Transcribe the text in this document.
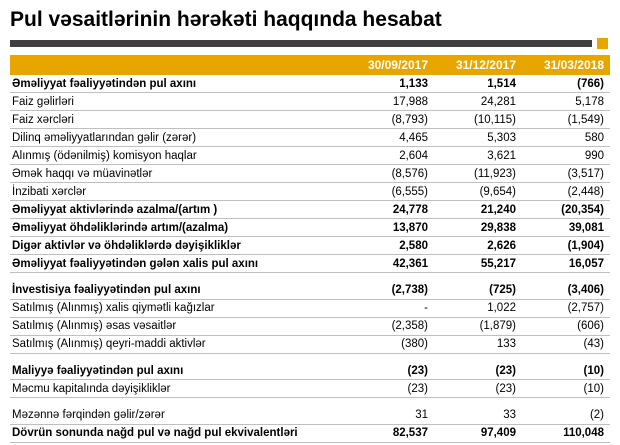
Pul vəsaitlərinin hərəkəti haqqında hesabat
	30/09/2017	31/12/2017	31/03/2018
Əməliyyat fəaliyyətindən pul axını	1,133	1,514	(766)
Faiz gəlirləri	17,988	24,281	5,178
Faiz xərcləri	(8,793)	(10,115)	(1,549)
Dilinq əməliyyatlarından gəlir (zərər)	4,465	5,303	580
Alınmış (ödənilmiş) komisyon haqlar	2,604	3,621	990
Əmək haqqı və müavinətlər	(8,576)	(11,923)	(3,517)
İnzibati xərclər	(6,555)	(9,654)	(2,448)
Əməliyyat aktivlərində azalma/(artım )	24,778	21,240	(20,354)
Əməliyyat öhdəliklərində artım/(azalma)	13,870	29,838	39,081
Digər aktivlər və öhdəliklərdə dəyişikliklər	2,580	2,626	(1,904)
Əməliyyat fəaliyyətindən gələn xalis pul axını	42,361	55,217	16,057

İnvestisiya fəaliyyətindən pul axını	(2,738)	(725)	(3,406)
Satılmış (Alınmış) xalis qiymətli kağızlar	-	1,022	(2,757)
Satılmış (Alınmış) əsas vəsaitlər	(2,358)	(1,879)	(606)
Satılmış (Alınmış) qeyri-maddi aktivlər	(380)	133	(43)

Maliyyə fəaliyyətindən pul axını	(23)	(23)	(10)
Məcmu kapitalında dəyişikliklər	(23)	(23)	(10)

Məzənnə fərqindən gəlir/zərər	31	33	(2)
Dövrün sonunda nağd pul və nağd pul ekvivalentləri	82,537	97,409	110,048
